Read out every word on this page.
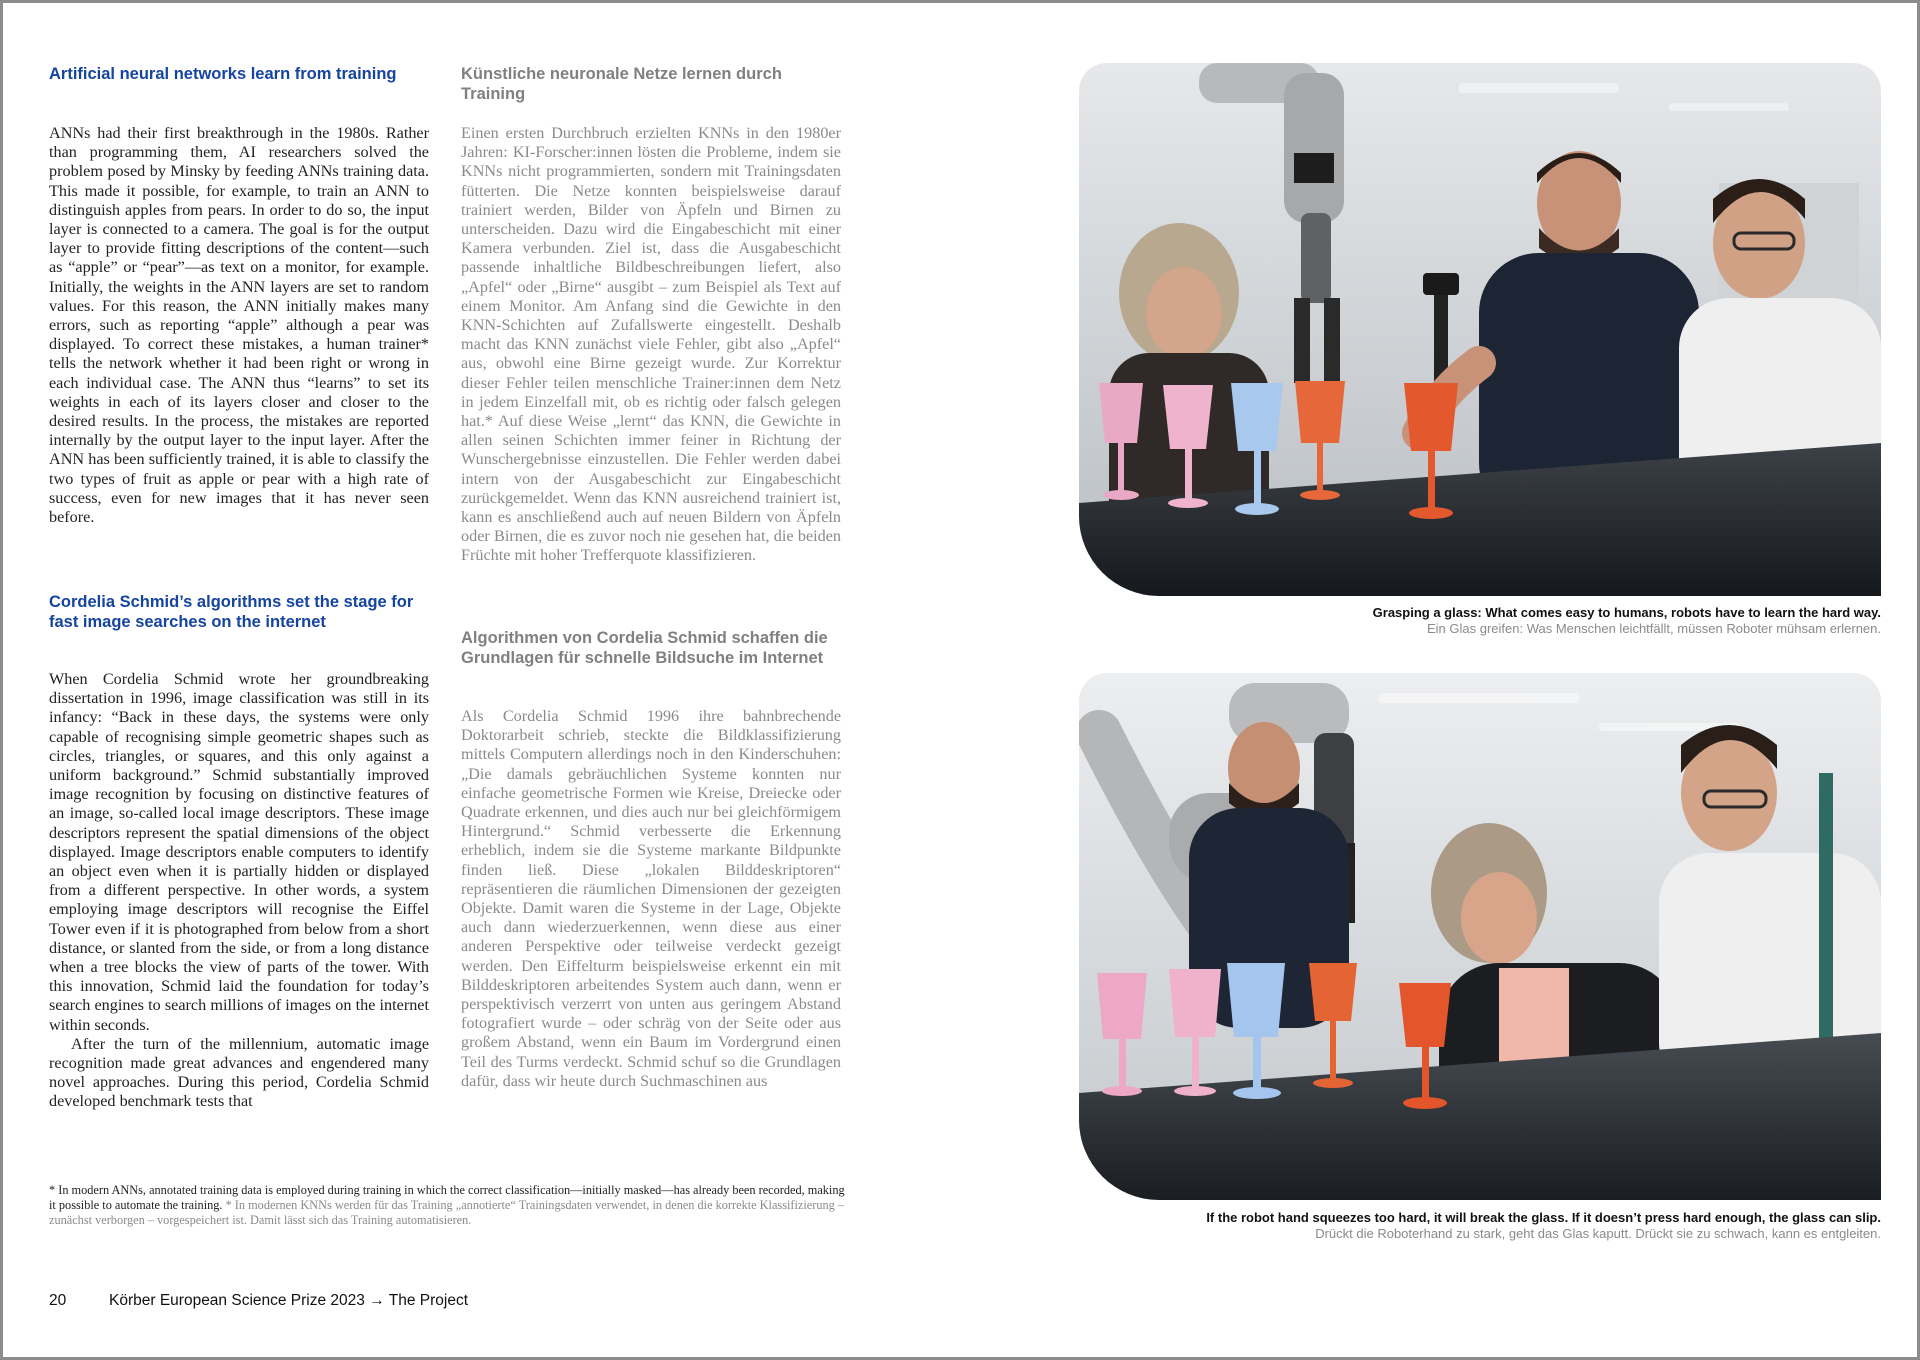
Artificial neural networks learn from training

ANNs had their first breakthrough in the 1980s. Rather than programming them, AI researchers solved the problem posed by Minsky by feeding ANNs training data. This made it possible, for example, to train an ANN to distinguish apples from pears. In order to do so, the input layer is connected to a camera. The goal is for the output layer to provide fitting descriptions of the content—such as “apple” or “pear”—as text on a monitor, for example. Initially, the weights in the ANN layers are set to random values. For this reason, the ANN initially makes many errors, such as reporting “apple” although a pear was displayed. To correct these mistakes, a human trainer* tells the network whether it had been right or wrong in each individual case. The ANN thus “learns” to set its weights in each of its layers closer and closer to the desired results. In the process, the mistakes are reported internally by the output layer to the input layer. After the ANN has been sufficiently trained, it is able to classify the two types of fruit as apple or pear with a high rate of success, even for new images that it has never seen before.

Cordelia Schmid’s algorithms set the stage for fast image searches on the internet

When Cordelia Schmid wrote her groundbreaking dissertation in 1996, image classification was still in its infancy: “Back in these days, the systems were only capable of recognising simple geometric shapes such as circles, triangles, or squares, and this only against a uniform background.” Schmid substantially improved image recognition by focusing on distinctive features of an image, so-called local image descriptors. These image descriptors represent the spatial dimensions of the object displayed. Image descriptors enable computers to identify an object even when it is partially hidden or displayed from a different perspective. In other words, a system employing image descriptors will recognise the Eiffel Tower even if it is photographed from below from a short distance, or slanted from the side, or from a long distance when a tree blocks the view of parts of the tower. With this innovation, Schmid laid the foundation for today’s search engines to search millions of images on the internet within seconds.

After the turn of the millennium, automatic image recognition made great advances and engendered many novel approaches. During this period, Cordelia Schmid developed benchmark tests that

Künstliche neuronale Netze lernen durch Training

Einen ersten Durchbruch erzielten KNNs in den 1980er Jahren: KI-Forscher:innen lösten die Probleme, indem sie KNNs nicht programmierten, sondern mit Trainingsdaten fütterten. Die Netze konnten beispielsweise darauf trainiert werden, Bilder von Äpfeln und Birnen zu unterscheiden. Dazu wird die Eingabeschicht mit einer Kamera verbunden. Ziel ist, dass die Ausgabeschicht passende inhaltliche Bildbeschreibungen liefert, also „Apfel“ oder „Birne“ ausgibt – zum Beispiel als Text auf einem Monitor. Am Anfang sind die Gewichte in den KNN-Schichten auf Zufallswerte eingestellt. Deshalb macht das KNN zunächst viele Fehler, gibt also „Apfel“ aus, obwohl eine Birne gezeigt wurde. Zur Korrektur dieser Fehler teilen menschliche Trainer:innen dem Netz in jedem Einzelfall mit, ob es richtig oder falsch gelegen hat.* Auf diese Weise „lernt“ das KNN, die Gewichte in allen seinen Schichten immer feiner in Richtung der Wunschergebnisse einzustellen. Die Fehler werden dabei intern von der Ausgabeschicht zur Eingabeschicht zurückgemeldet. Wenn das KNN ausreichend trainiert ist, kann es anschließend auch auf neuen Bildern von Äpfeln oder Birnen, die es zuvor noch nie gesehen hat, die beiden Früchte mit hoher Trefferquote klassifizieren.

Algorithmen von Cordelia Schmid schaffen die Grundlagen für schnelle Bildsuche im Internet

Als Cordelia Schmid 1996 ihre bahnbrechende Doktorarbeit schrieb, steckte die Bildklassifizierung mittels Computern allerdings noch in den Kinderschuhen: „Die damals gebräuchlichen Systeme konnten nur einfache geometrische Formen wie Kreise, Dreiecke oder Quadrate erkennen, und dies auch nur bei gleichförmigem Hintergrund.“ Schmid verbesserte die Erkennung erheblich, indem sie die Systeme markante Bildpunkte finden ließ. Diese „lokalen Bilddeskriptoren“ repräsentieren die räumlichen Dimensionen der gezeigten Objekte. Damit waren die Systeme in der Lage, Objekte auch dann wiederzuerkennen, wenn diese aus einer anderen Perspektive oder teilweise verdeckt gezeigt werden. Den Eiffelturm beispielsweise erkennt ein mit Bilddeskriptoren arbeitendes System auch dann, wenn er perspektivisch verzerrt von unten aus geringem Abstand fotografiert wurde – oder schräg von der Seite oder aus großem Abstand, wenn ein Baum im Vordergrund einen Teil des Turms verdeckt. Schmid schuf so die Grundlagen dafür, dass wir heute durch Suchmaschinen aus

* In modern ANNs, annotated training data is employed during training in which the correct classification—initially masked—has already been recorded, making it possible to automate the training. * In modernen KNNs werden für das Training „annotierte“ Trainingsdaten verwendet, in denen die korrekte Klassifizierung – zunächst verborgen – vorgespeichert ist. Damit lässt sich das Training automatisieren.
20	Körber European Science Prize 2023 → The Project
Grasping a glass: What comes easy to humans, robots have to learn the hard way.
Ein Glas greifen: Was Menschen leichtfällt, müssen Roboter mühsam erlernen.
If the robot hand squeezes too hard, it will break the glass. If it doesn’t press hard enough, the glass can slip.
Drückt die Roboterhand zu stark, geht das Glas kaputt. Drückt sie zu schwach, kann es entgleiten.
